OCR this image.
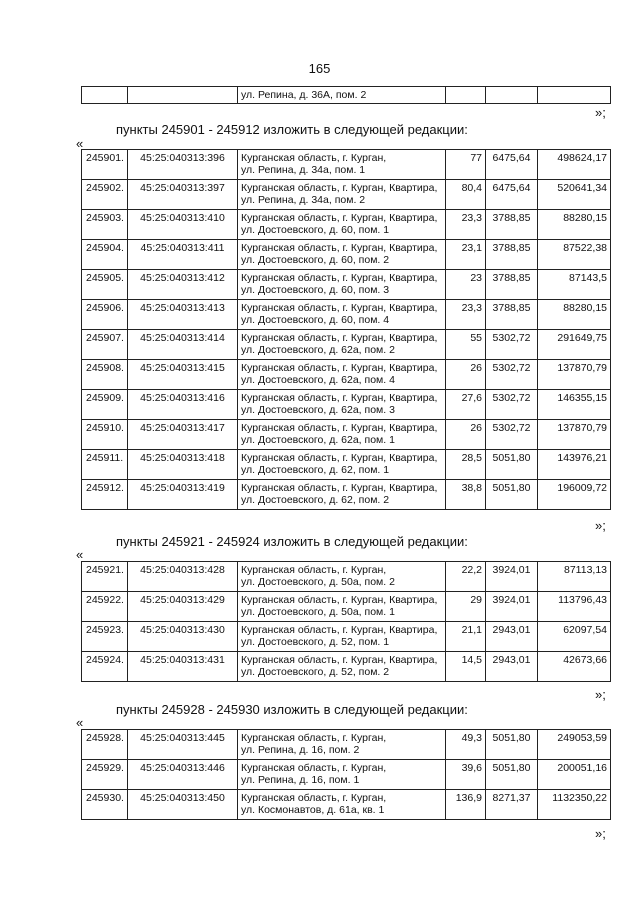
165
		ул. Репина, д. 36А, пом. 2			
»;
пункты 245901 - 245912 изложить в следующей редакции:
«
245901.	45:25:040313:396	Курганская область, г. Курган,
ул. Репина, д. 34а, пом. 1	77	6475,64	498624,17
245902.	45:25:040313:397	Курганская область, г. Курган, Квартира,
ул. Репина, д. 34а, пом. 2	80,4	6475,64	520641,34
245903.	45:25:040313:410	Курганская область, г. Курган, Квартира,
ул. Достоевского, д. 60, пом. 1	23,3	3788,85	88280,15
245904.	45:25:040313:411	Курганская область, г. Курган, Квартира,
ул. Достоевского, д. 60, пом. 2	23,1	3788,85	87522,38
245905.	45:25:040313:412	Курганская область, г. Курган, Квартира,
ул. Достоевского, д. 60, пом. 3	23	3788,85	87143,5
245906.	45:25:040313:413	Курганская область, г. Курган, Квартира,
ул. Достоевского, д. 60, пом. 4	23,3	3788,85	88280,15
245907.	45:25:040313:414	Курганская область, г. Курган, Квартира,
ул. Достоевского, д. 62а, пом. 2	55	5302,72	291649,75
245908.	45:25:040313:415	Курганская область, г. Курган, Квартира,
ул. Достоевского, д. 62а, пом. 4	26	5302,72	137870,79
245909.	45:25:040313:416	Курганская область, г. Курган, Квартира,
ул. Достоевского, д. 62а, пом. 3	27,6	5302,72	146355,15
245910.	45:25:040313:417	Курганская область, г. Курган, Квартира,
ул. Достоевского, д. 62а, пом. 1	26	5302,72	137870,79
245911.	45:25:040313:418	Курганская область, г. Курган, Квартира,
ул. Достоевского, д. 62, пом. 1	28,5	5051,80	143976,21
245912.	45:25:040313:419	Курганская область, г. Курган, Квартира,
ул. Достоевского, д. 62, пом. 2	38,8	5051,80	196009,72
»;
пункты 245921 - 245924 изложить в следующей редакции:
«
245921.	45:25:040313:428	Курганская область, г. Курган,
ул. Достоевского, д. 50а, пом. 2	22,2	3924,01	87113,13
245922.	45:25:040313:429	Курганская область, г. Курган, Квартира,
ул. Достоевского, д. 50а, пом. 1	29	3924,01	113796,43
245923.	45:25:040313:430	Курганская область, г. Курган, Квартира,
ул. Достоевского, д. 52, пом. 1	21,1	2943,01	62097,54
245924.	45:25:040313:431	Курганская область, г. Курган, Квартира,
ул. Достоевского, д. 52, пом. 2	14,5	2943,01	42673,66
»;
пункты 245928 - 245930 изложить в следующей редакции:
«
245928.	45:25:040313:445	Курганская область, г. Курган,
ул. Репина, д. 16, пом. 2	49,3	5051,80	249053,59
245929.	45:25:040313:446	Курганская область, г. Курган,
ул. Репина, д. 16, пом. 1	39,6	5051,80	200051,16
245930.	45:25:040313:450	Курганская область, г. Курган,
ул. Космонавтов, д. 61а, кв. 1	136,9	8271,37	1132350,22
»;
